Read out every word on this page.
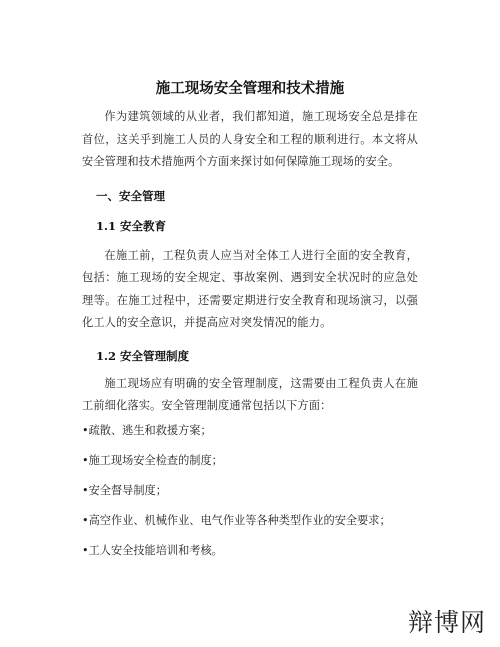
施工现场安全管理和技术措施

作为建筑领域的从业者，我们都知道，施工现场安全总是排在首位，这关乎到施工人员的人身安全和工程的顺利进行。本文将从安全管理和技术措施两个方面来探讨如何保障施工现场的安全。

一、安全管理
1.1 安全教育

在施工前，工程负责人应当对全体工人进行全面的安全教育，包括：施工现场的安全规定、事故案例、遇到安全状况时的应急处理等。在施工过程中，还需要定期进行安全教育和现场演习，以强化工人的安全意识，并提高应对突发情况的能力。

1.2 安全管理制度

施工现场应有明确的安全管理制度，这需要由工程负责人在施工前细化落实。安全管理制度通常包括以下方面：

•疏散、逃生和救援方案；
•施工现场安全检查的制度；
•安全督导制度；
•高空作业、机械作业、电气作业等各种类型作业的安全要求；
•工人安全技能培训和考核。
辩博网
